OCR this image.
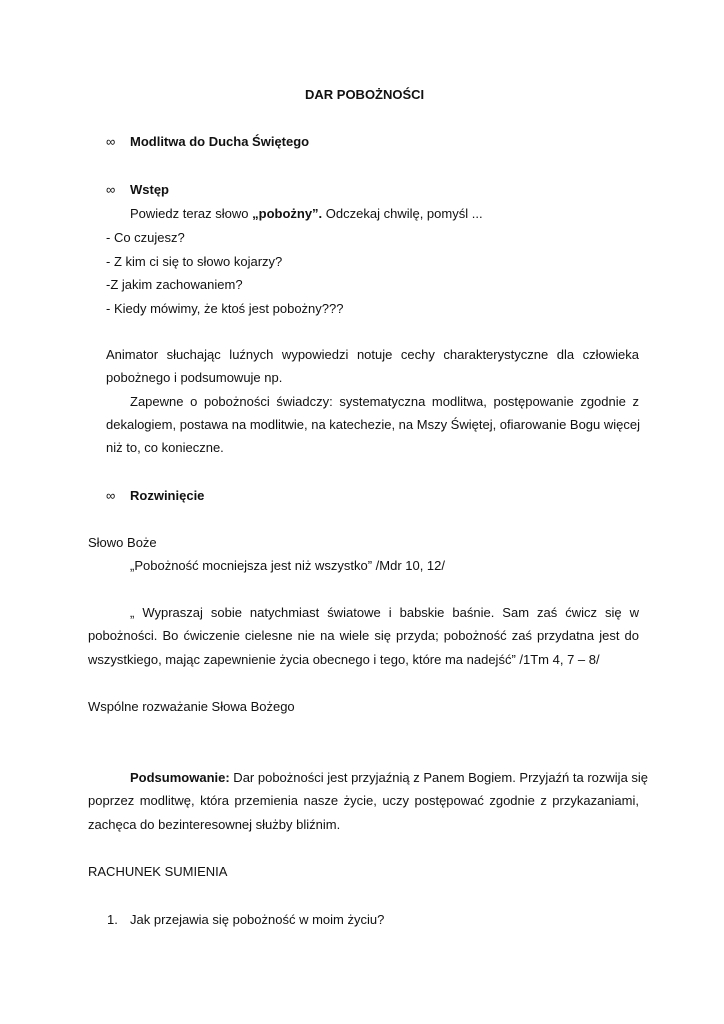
DAR POBOŻNOŚCI
∞ Modlitwa do Ducha Świętego
∞ Wstęp
Powiedz teraz słowo „pobożny”. Odczekaj chwilę, pomyśl ...
- Co czujesz?
- Z kim ci się to słowo kojarzy?
-Z jakim zachowaniem?
- Kiedy mówimy, że ktoś jest pobożny???
Animator słuchając luźnych wypowiedzi notuje cechy charakterystyczne dla człowieka
pobożnego i podsumowuje np.
Zapewne o pobożności świadczy: systematyczna modlitwa, postępowanie zgodnie z
dekalogiem, postawa na modlitwie, na katechezie, na Mszy Świętej, ofiarowanie Bogu więcej
niż to, co konieczne.
∞ Rozwinięcie
Słowo Boże
„Pobożność mocniejsza jest niż wszystko” /Mdr 10, 12/
„ Wypraszaj sobie natychmiast światowe i babskie baśnie. Sam zaś ćwicz się w
pobożności. Bo ćwiczenie cielesne nie na wiele się przyda; pobożność zaś przydatna jest do
wszystkiego, mając zapewnienie życia obecnego i tego, które ma nadejść” /1Tm 4, 7 – 8/
Wspólne rozważanie Słowa Bożego
Podsumowanie: Dar pobożności jest przyjaźnią z Panem Bogiem. Przyjaźń ta rozwija się
poprzez modlitwę, która przemienia nasze życie, uczy postępować zgodnie z przykazaniami,
zachęca do bezinteresownej służby bliźnim.
RACHUNEK SUMIENIA
1. Jak przejawia się pobożność w moim życiu?
